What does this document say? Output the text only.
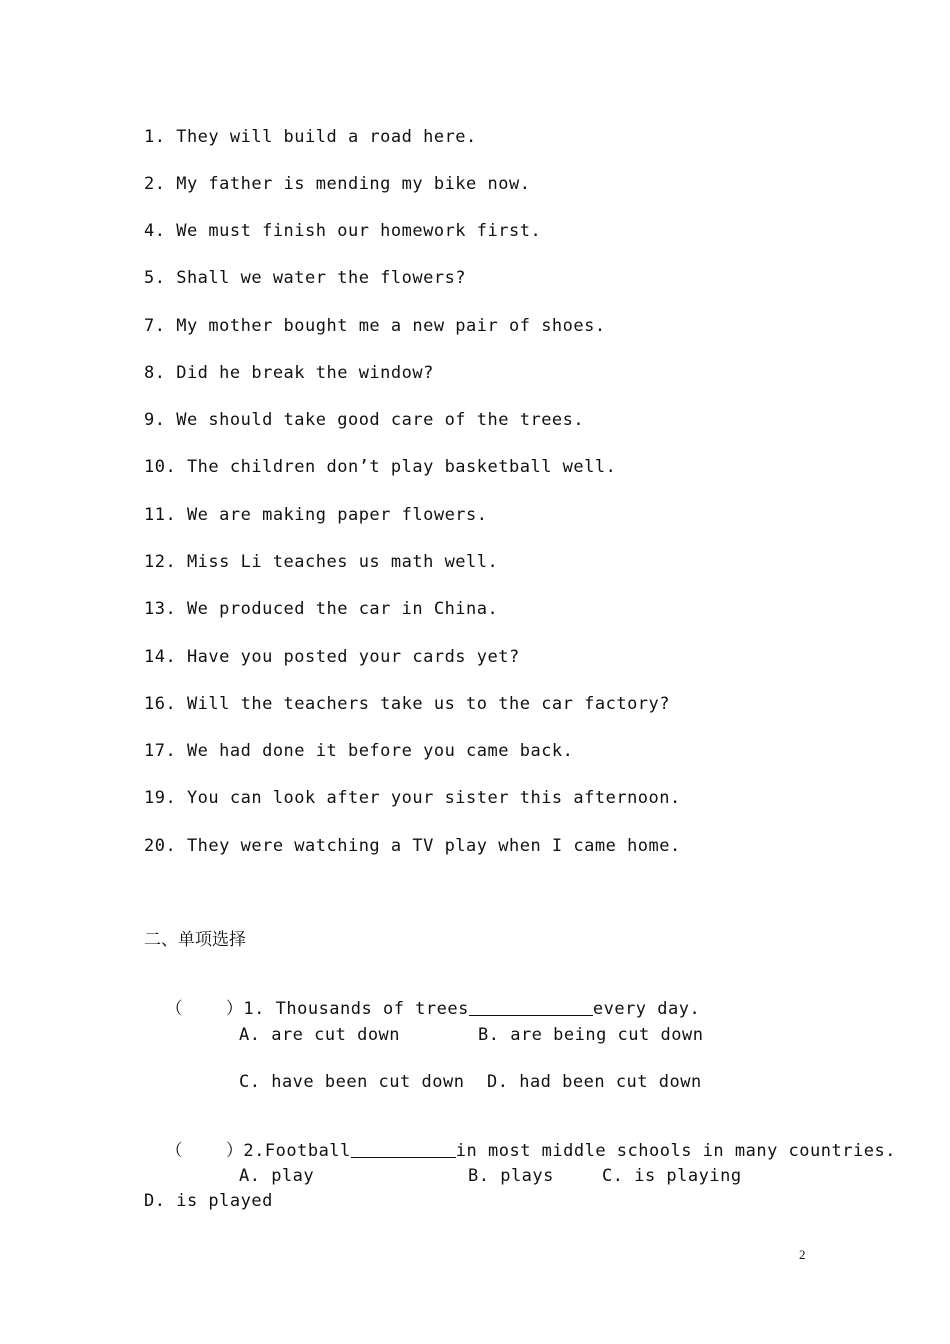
1. They will build a road here.
2. My father is mending my bike now.
4. We must finish our homework first.
5. Shall we water the flowers?
7. My mother bought me a new pair of shoes.
8. Did he break the window?
9. We should take good care of the trees.
10. The children don’t play basketball well.
11. We are making paper flowers.
12. Miss Li teaches us math well.
13. We produced the car in China.
14. Have you posted your cards yet?
16. Will the teachers take us to the car factory?
17. We had done it before you came back.
19. You can look after your sister this afternoon.
20. They were watching a TV play when I came home.
二、单项选择

（    ）1. Thousands of trees	every day.

A. are cut down	B. are being cut down
C. have been cut down D. had been cut down

（    ）2.Football	in most middle schools in many countries.

A. play	B. plays	C. is playing
D. is played
2
